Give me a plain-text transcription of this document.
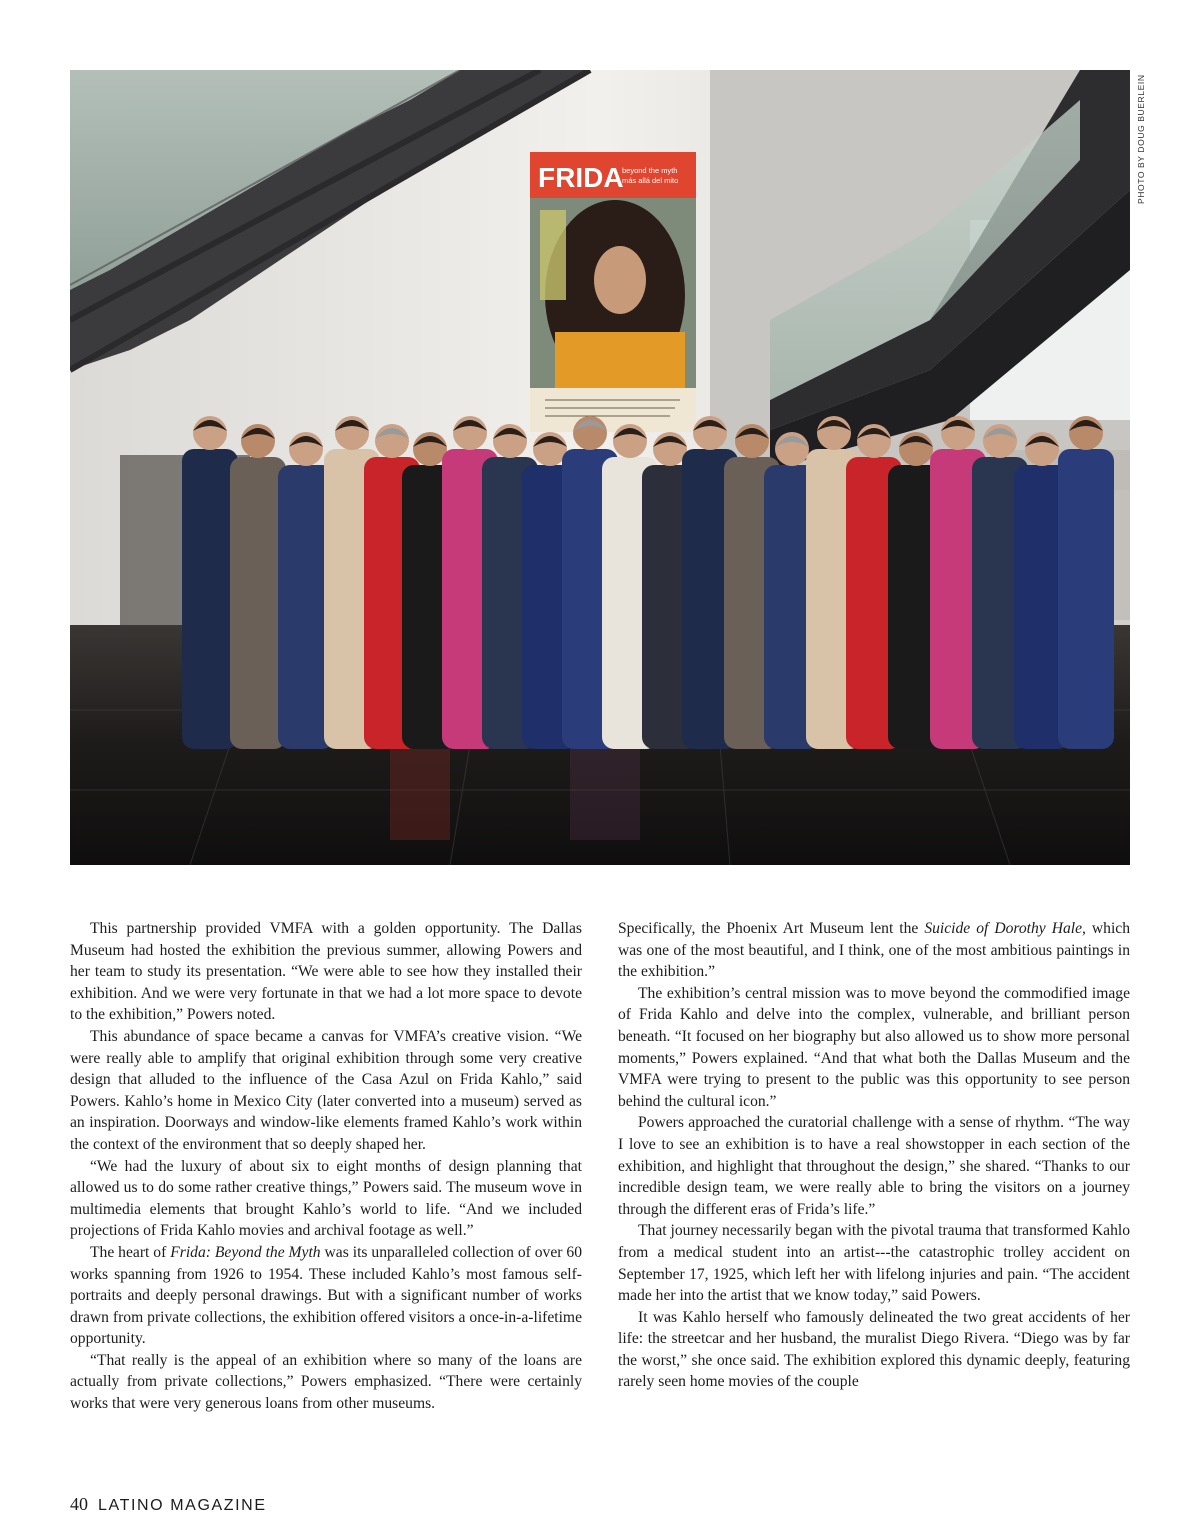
FRIDA
beyond the myth
más allá del mito	PHOTO BY DOUG BUERLEIN

This partnership provided VMFA with a golden opportunity. The Dallas Museum had hosted the exhibition the previous summer, allowing Powers and her team to study its presentation. “We were able to see how they installed their exhibition. And we were very fortunate in that we had a lot more space to devote to the exhibition,” Powers noted.

This abundance of space became a canvas for VMFA’s creative vision. “We were really able to amplify that original exhibition through some very creative design that alluded to the influence of the Casa Azul on Frida Kahlo,” said Powers. Kahlo’s home in Mexico City (later converted into a museum) served as an inspiration. Doorways and window-like elements framed Kahlo’s work within the context of the environment that so deeply shaped her.

“We had the luxury of about six to eight months of design planning that allowed us to do some rather creative things,” Powers said. The museum wove in multimedia elements that brought Kahlo’s world to life. “And we included projections of Frida Kahlo movies and archival footage as well.”

The heart of Frida: Beyond the Myth was its unparalleled collection of over 60 works spanning from 1926 to 1954. These included Kahlo’s most famous self-portraits and deeply personal drawings. But with a significant number of works drawn from private collections, the exhibition offered visitors a once-in-a-lifetime opportunity.

“That really is the appeal of an exhibition where so many of the loans are actually from private collections,” Powers emphasized. “There were certainly works that were very generous loans from other museums.

Specifically, the Phoenix Art Museum lent the Suicide of Dorothy Hale, which was one of the most beautiful, and I think, one of the most ambitious paintings in the exhibition.”

The exhibition’s central mission was to move beyond the commodified image of Frida Kahlo and delve into the complex, vulnerable, and brilliant person beneath. “It focused on her biography but also allowed us to show more personal moments,” Powers explained. “And that what both the Dallas Museum and the VMFA were trying to present to the public was this opportunity to see person behind the cultural icon.”

Powers approached the curatorial challenge with a sense of rhythm. “The way I love to see an exhibition is to have a real showstopper in each section of the exhibition, and highlight that throughout the design,” she shared. “Thanks to our incredible design team, we were really able to bring the visitors on a journey through the different eras of Frida’s life.”

That journey necessarily began with the pivotal trauma that transformed Kahlo from a medical student into an artist---the catastrophic trolley accident on September 17, 1925, which left her with lifelong injuries and pain. “The accident made her into the artist that we know today,” said Powers.

It was Kahlo herself who famously delineated the two great accidents of her life: the streetcar and her husband, the muralist Diego Rivera. “Diego was by far the worst,” she once said. The exhibition explored this dynamic deeply, featuring rarely seen home movies of the couple

40 LATINO MAGAZINE
